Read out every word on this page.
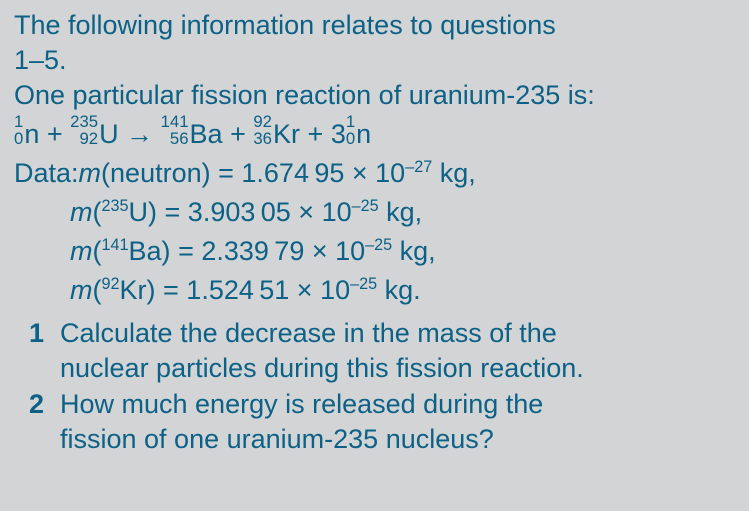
The following information relates to questions
1–5.
One particular fission reaction of uranium-235 is:
1
0 n + 235
92 U → 141
56 Ba + 92
36 Kr + 3 1
0 n
Data:m(neutron) = 1.674 $95 \times 10^{-27}$ kg,
m($^{235}$U) = 3.903 $05 \times 10^{-25}$ kg,
m($^{141}$Ba) = 2.339 $79 \times 10^{-25}$ kg,
m($^{92}$Kr) = 1.524 $51 \times 10^{-25}$ kg.
1 Calculate the decrease in the mass of the
nuclear particles during this fission reaction.
2 How much energy is released during the
fission of one uranium-235 nucleus?
